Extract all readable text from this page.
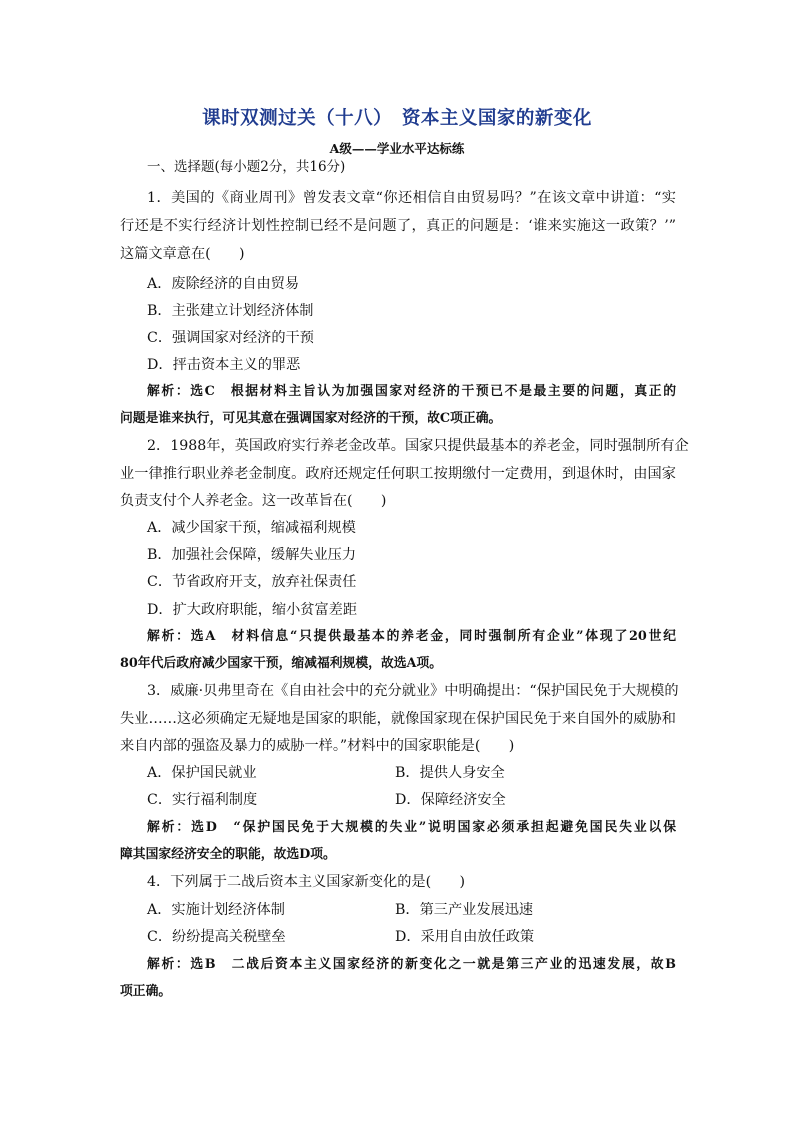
课时双测过关（十八）　资本主义国家的新变化
A级——学业水平达标练
一、选择题(每小题2分，共16分)
1．美国的《商业周刊》曾发表文章“你还相信自由贸易吗？”在该文章中讲道：“实
行还是不实行经济计划性控制已经不是问题了，真正的问题是：‘谁来实施这一政策？’”
这篇文章意在(　　)
A．废除经济的自由贸易
B．主张建立计划经济体制
C．强调国家对经济的干预
D．抨击资本主义的罪恶
解析：选C　根据材料主旨认为加强国家对经济的干预已不是最主要的问题，真正的
问题是谁来执行，可见其意在强调国家对经济的干预，故C项正确。
2．1988年，英国政府实行养老金改革。国家只提供最基本的养老金，同时强制所有企
业一律推行职业养老金制度。政府还规定任何职工按期缴付一定费用，到退休时，由国家
负责支付个人养老金。这一改革旨在(　　)
A．减少国家干预，缩减福利规模
B．加强社会保障，缓解失业压力
C．节省政府开支，放弃社保责任
D．扩大政府职能，缩小贫富差距
解析：选A　材料信息“只提供最基本的养老金，同时强制所有企业”体现了20世纪
80年代后政府减少国家干预，缩减福利规模，故选A项。
3．威廉·贝弗里奇在《自由社会中的充分就业》中明确提出：“保护国民免于大规模的
失业……这必须确定无疑地是国家的职能，就像国家现在保护国民免于来自国外的威胁和
来自内部的强盗及暴力的威胁一样。”材料中的国家职能是(　　)
A．保护国民就业	B．提供人身安全
C．实行福利制度	D．保障经济安全
解析：选D　“保护国民免于大规模的失业”说明国家必须承担起避免国民失业以保
障其国家经济安全的职能，故选D项。
4．下列属于二战后资本主义国家新变化的是(　　)
A．实施计划经济体制	B．第三产业发展迅速
C．纷纷提高关税壁垒	D．采用自由放任政策
解析：选B　二战后资本主义国家经济的新变化之一就是第三产业的迅速发展，故B
项正确。
